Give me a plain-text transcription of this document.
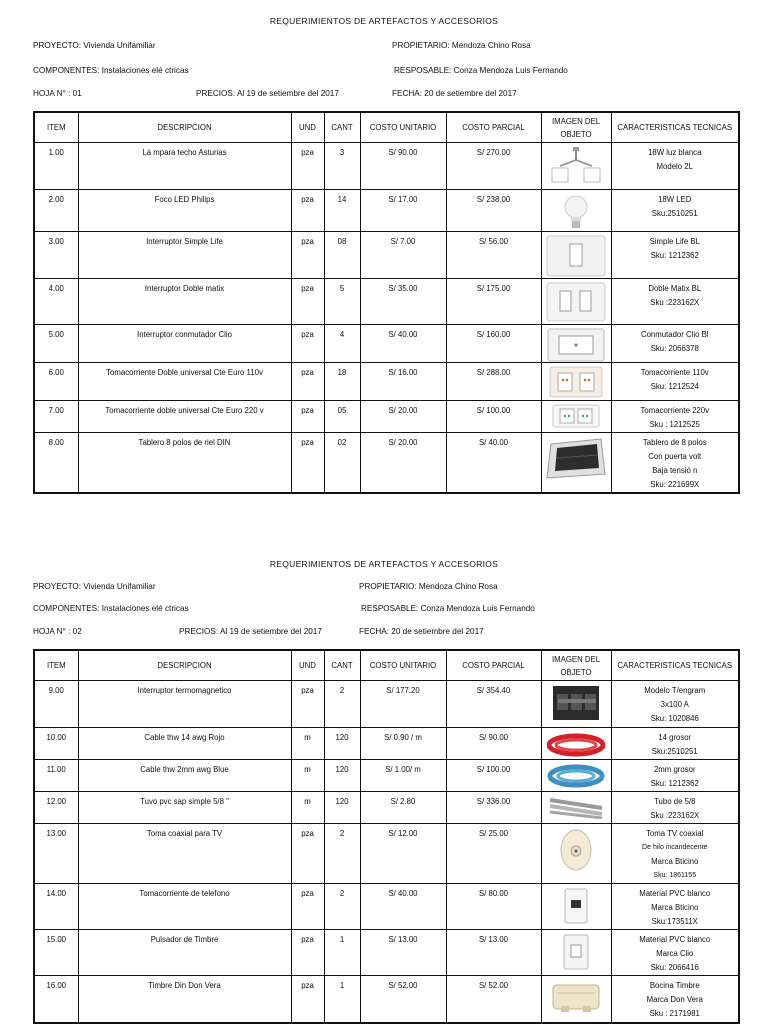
REQUERIMIENTOS DE ARTEFACTOS Y ACCESORIOS
PROYECTO: Vivienda Unifamiliar	PROPIETARIO: Mendoza Chino Rosa
COMPONENTES: Instalaciones elé ctricas	RESPOSABLE: Conza Mendoza Luis Fernando
HOJA N° : 01	PRECIOS: Al 19 de setiembre del 2017	FECHA: 20 de setiembre del 2017
ITEM	DESCRIPCION	UND	CANT	COSTO UNITARIO	COSTO PARCIAL	IMAGEN DEL OBJETO	CARACTERISTICAS TECNICAS
1.00	Lá mpara techo Asturias	pza	3	S/ 90.00	S/ 270.00		18W luz blanca
Modelo 2L

2.00	Foco LED Philips	pza	14	S/ 17.00	S/ 238.00		18W LED
Sku:2510251

3.00	Interruptor Simple Life	pza	08	S/ 7.00	S/ 56.00		Simple Life BL
Sku: 1212362

4.00	Interruptor Doble matix	pza	5	S/ 35.00	S/ 175.00		Doble Matix BL
Sku :223162X

5.00	Interruptor conmutador Clio	pza	4	S/ 40.00	S/ 160.00		Conmutador Clio Bl
Sku: 2066378

6.00	Tomacorriente Doble universal Cte Euro 110v	pza	18	S/ 16.00	S/ 288.00		Tomacorriente 110v
Sku: 1212524

7.00	Tomacorriente doble universal Cte Euro 220 v	pza	05	S/ 20.00	S/ 100.00		Tomacorriente 220v
Sku : 1212525

8.00	Tablero 8 polos de riel DIN	pza	02	S/ 20.00	S/ 40.00		Tablero de 8 polos
Con puerta volt
Baja tensió n
Sku: 221699X
REQUERIMIENTOS DE ARTEFACTOS Y ACCESORIOS
PROYECTO: Vivienda Unifamiliar	PROPIETARIO: Mendoza Chino Rosa
COMPONENTES: Instalaciones elé ctricas	RESPOSABLE: Conza Mendoza Luis Fernando
HOJA N° : 02	PRECIOS: Al 19 de setiembre del 2017	FECHA: 20 de setiembre del 2017
ITEM	DESCRIPCION	UND	CANT	COSTO UNITARIO	COSTO PARCIAL	IMAGEN DEL OBJETO	CARACTERISTICAS TECNICAS
9.00	Interruptor termomagnetico	pza	2	S/ 177.20	S/ 354.40		Modelo T/engram
3x100 A
Sku: 1020846

10.00	Cable thw 14 awg Rojo	m	120	S/ 0.90 / m	S/ 90.00		14 grosor
Sku:2510251

11.00	Cable thw 2mm awg Blue	m	120	S/ 1.00/ m	S/ 100.00		2mm grosor
Sku: 1212362

12.00	Tuvo pvc sap simple 5/8 "	m	120	S/ 2.80	S/ 336.00		Tubo de 5/8
Sku :223162X

13.00	Toma coaxial para TV	pza	2	S/ 12.00	S/ 25.00		Toma TV coaxial
De hilo incandecente
Marca Bticino
Sku: 1861155

14.00	Tomacorriente de telefono	pza	2	S/ 40.00	S/ 80.00		Material PVC blanco
Marca Bticino
Sku:173511X

15.00	Pulsador de Timbre	pza	1	S/ 13.00	S/ 13.00		Material PVC blanco
Marca Clio
Sku: 2066416

16.00	Timbre Din Don Vera	pza	1	S/ 52.00	S/ 52.00		Bocina Timbre
Marca Don Vera
Sku : 2171981
